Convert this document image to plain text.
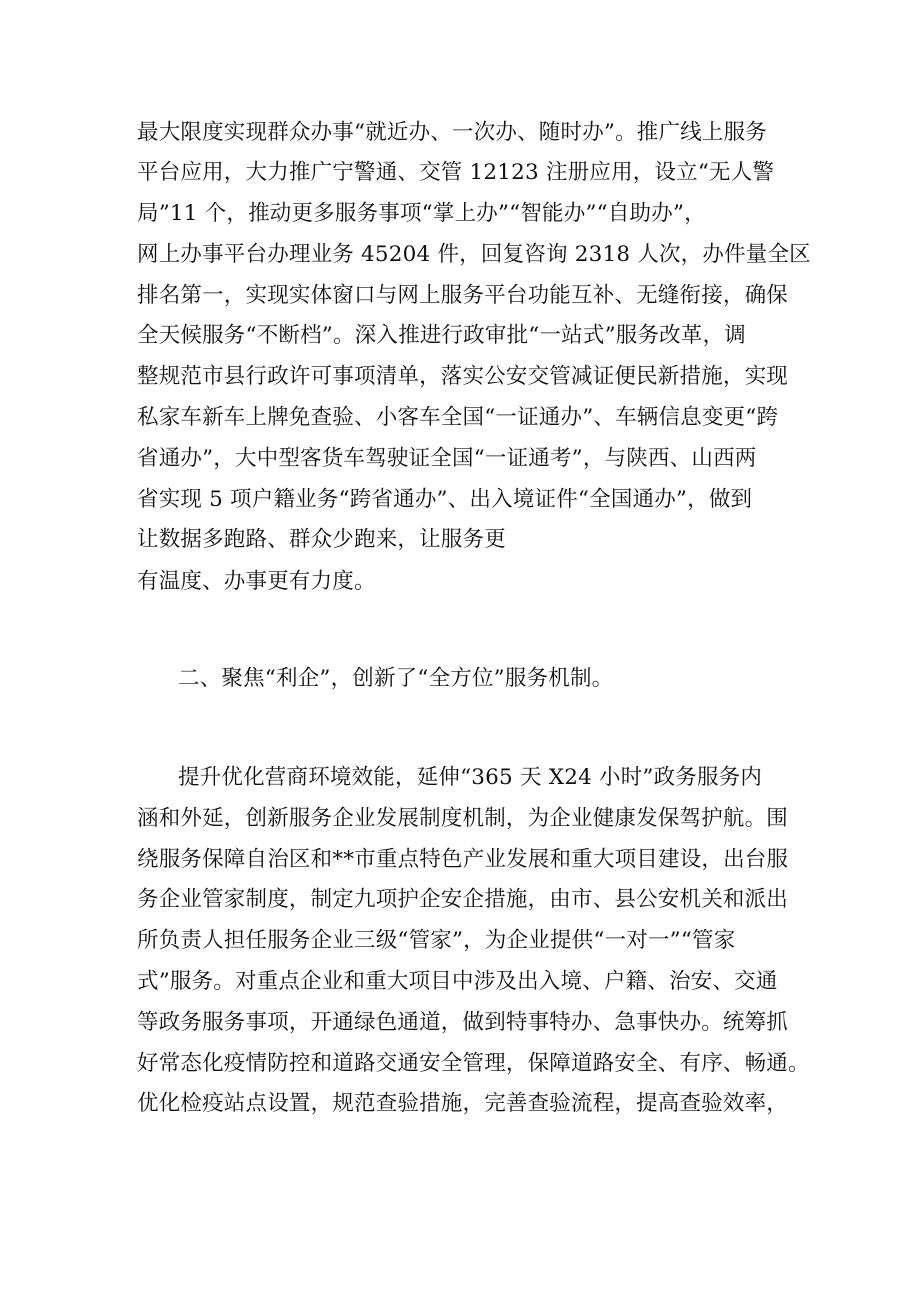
最大限度实现群众办事“就近办、一次办、随时办”。推广线上服务
平台应用，大力推广宁警通、交管 12123 注册应用，设立“无人警
局”11 个，推动更多服务事项“掌上办”“智能办”“自助办”，
网上办事平台办理业务 45204 件，回复咨询 2318 人次，办件量全区
排名第一，实现实体窗口与网上服务平台功能互补、无缝衔接，确保
全天候服务“不断档”。深入推进行政审批“一站式”服务改革，调
整规范市县行政许可事项清单，落实公安交管减证便民新措施，实现
私家车新车上牌免查验、小客车全国“一证通办”、车辆信息变更“跨
省通办”，大中型客货车驾驶证全国“一证通考”，与陕西、山西两
省实现 5 项户籍业务“跨省通办”、出入境证件“全国通办”，做到
让数据多跑路、群众少跑来，让服务更
有温度、办事更有力度。
二、聚焦“利企”，创新了“全方位”服务机制。
提升优化营商环境效能，延伸“365 天 X24 小时”政务服务内
涵和外延，创新服务企业发展制度机制，为企业健康发保驾护航。围
绕服务保障自治区和**市重点特色产业发展和重大项目建设，出台服
务企业管家制度，制定九项护企安企措施，由市、县公安机关和派出
所负责人担任服务企业三级“管家”，为企业提供“一对一”“管家
式”服务。对重点企业和重大项目中涉及出入境、户籍、治安、交通
等政务服务事项，开通绿色通道，做到特事特办、急事快办。统筹抓
好常态化疫情防控和道路交通安全管理，保障道路安全、有序、畅通。
优化检疫站点设置，规范查验措施，完善查验流程，提高查验效率，
